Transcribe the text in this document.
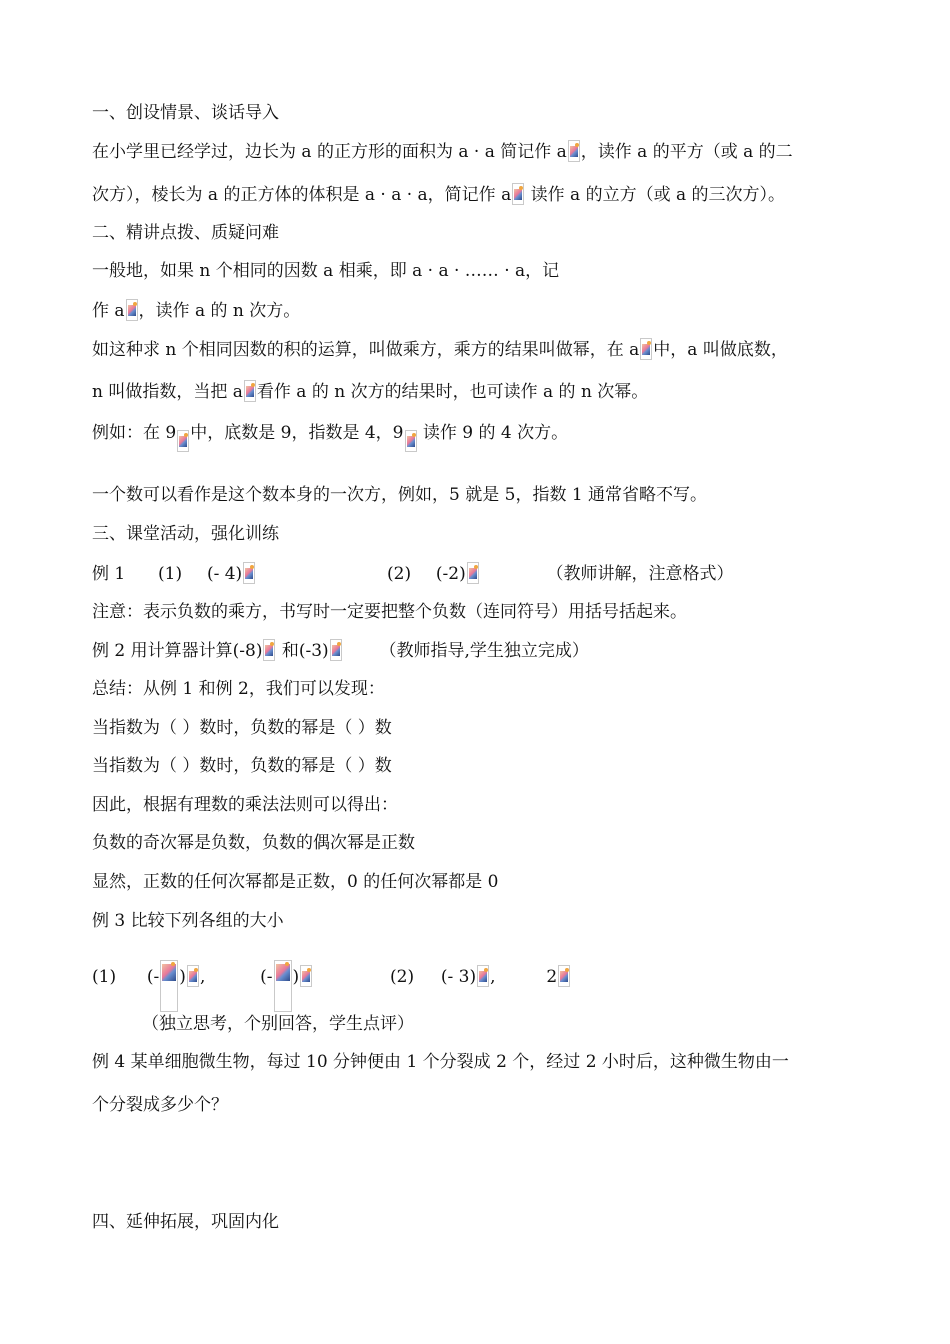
一、创设情景、谈话导入
在小学里已经学过，边长为 a 的正方形的面积为 a · a 简记作 a ，读作 a 的平方（或 a 的二
次方），棱长为 a 的正方体的体积是 a · a · a，简记作 a 读作 a 的立方（或 a 的三次方）。
二、精讲点拨、质疑问难
一般地，如果 n 个相同的因数 a 相乘，即 a · a · …… · a，记
作 a ，读作 a 的 n 次方。
如这种求 n 个相同因数的积的运算，叫做乘方，乘方的结果叫做幂，在 a 中，a 叫做底数，
n 叫做指数，当把 a 看作 a 的 n 次方的结果时，也可读作 a 的 n 次幂。
例如：在 9 中，底数是 9，指数是 4，9 读作 9 的 4 次方。
一个数可以看作是这个数本身的一次方，例如，5 就是 5，指数 1 通常省略不写。
三、课堂活动，强化训练
例 1 (1) (- 4)	(2) (-2)	（教师讲解，注意格式）
注意：表示负数的乘方，书写时一定要把整个负数（连同符号）用括号括起来。
例 2 用计算器计算(-8) 和(-3)	（教师指导,学生独立完成）
总结：从例 1 和例 2，我们可以发现：
当指数为（ ）数时，负数的幂是（ ）数
当指数为（ ）数时，负数的幂是（ ）数
因此，根据有理数的乘法法则可以得出：
负数的奇次幂是负数，负数的偶次幂是正数
显然，正数的任何次幂都是正数，0 的任何次幂都是 0
例 3 比较下列各组的大小
(1) (- ) ,	(- )	(2) (- 3) ,	2
（独立思考，个别回答，学生点评）
例 4 某单细胞微生物，每过 10 分钟便由 1 个分裂成 2 个，经过 2 小时后，这种微生物由一
个分裂成多少个？
四、延伸拓展，巩固内化
